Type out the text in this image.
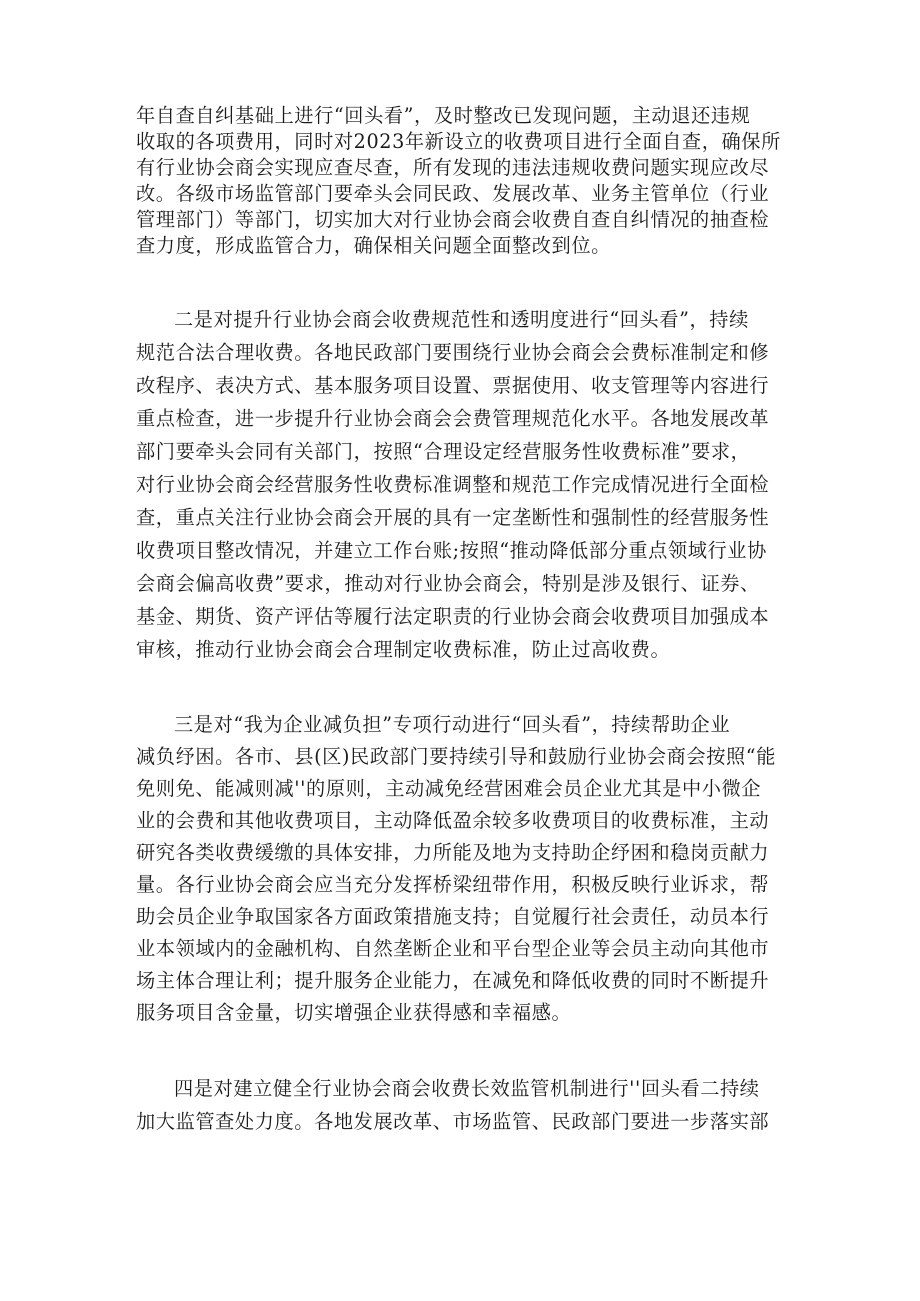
年自查自纠基础上进行“回头看”，及时整改已发现问题，主动退还违规

收取的各项费用，同时对2023年新设立的收费项目进行全面自查，确保所

有行业协会商会实现应查尽查，所有发现的违法违规收费问题实现应改尽

改。各级市场监管部门要牵头会同民政、发展改革、业务主管单位（行业

管理部门）等部门，切实加大对行业协会商会收费自查自纠情况的抽查检

查力度，形成监管合力，确保相关问题全面整改到位。

二是对提升行业协会商会收费规范性和透明度进行“回头看”，持续

规范合法合理收费。各地民政部门要围绕行业协会商会会费标准制定和修

改程序、表决方式、基本服务项目设置、票据使用、收支管理等内容进行

重点检查，进一步提升行业协会商会会费管理规范化水平。各地发展改革

部门要牵头会同有关部门，按照“合理设定经营服务性收费标准”要求，

对行业协会商会经营服务性收费标准调整和规范工作完成情况进行全面检

查，重点关注行业协会商会开展的具有一定垄断性和强制性的经营服务性

收费项目整改情况，并建立工作台账;按照“推动降低部分重点领域行业协

会商会偏高收费”要求，推动对行业协会商会，特别是涉及银行、证券、

基金、期货、资产评估等履行法定职责的行业协会商会收费项目加强成本

审核，推动行业协会商会合理制定收费标准，防止过高收费。

三是对“我为企业减负担”专项行动进行“回头看”，持续帮助企业

减负纾困。各市、县(区)民政部门要持续引导和鼓励行业协会商会按照“能

免则免、能减则减''的原则，主动减免经营困难会员企业尤其是中小微企

业的会费和其他收费项目，主动降低盈余较多收费项目的收费标准，主动

研究各类收费缓缴的具体安排，力所能及地为支持助企纾困和稳岗贡献力

量。各行业协会商会应当充分发挥桥梁纽带作用，积极反映行业诉求，帮

助会员企业争取国家各方面政策措施支持；自觉履行社会责任，动员本行

业本领域内的金融机构、自然垄断企业和平台型企业等会员主动向其他市

场主体合理让利；提升服务企业能力，在减免和降低收费的同时不断提升

服务项目含金量，切实增强企业获得感和幸福感。

四是对建立健全行业协会商会收费长效监管机制进行''回头看二持续

加大监管查处力度。各地发展改革、市场监管、民政部门要进一步落实部
